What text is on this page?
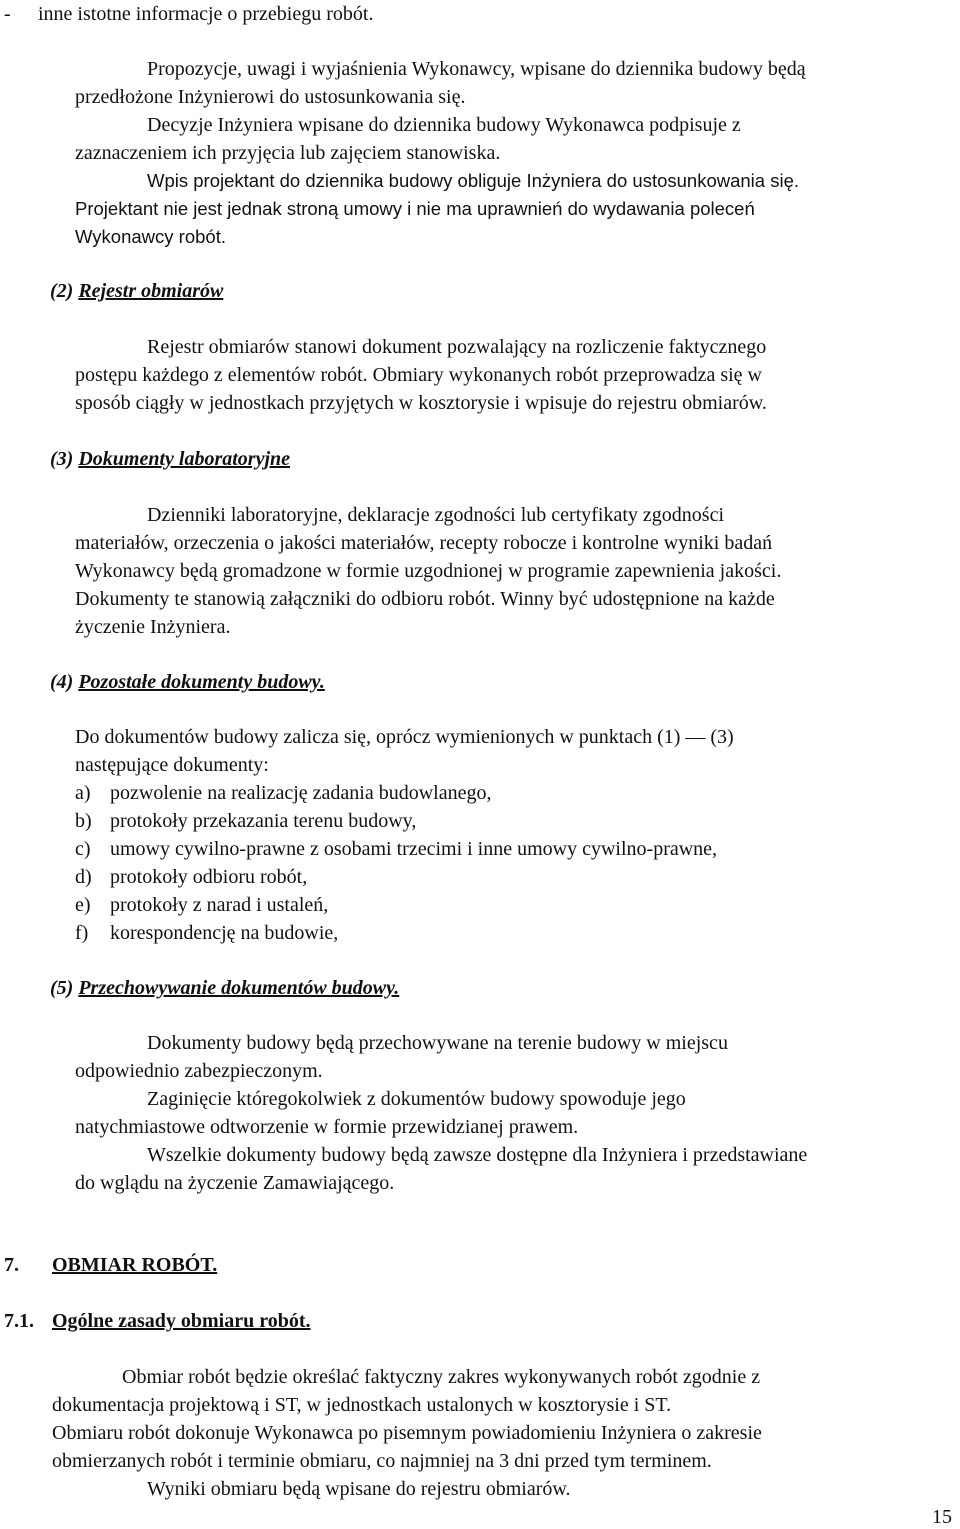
- inne istotne informacje o przebiegu robót.
Propozycje, uwagi i wyjaśnienia Wykonawcy, wpisane do dziennika budowy będą
przedłożone Inżynierowi do ustosunkowania się.
Decyzje Inżyniera wpisane do dziennika budowy Wykonawca podpisuje z
zaznaczeniem ich przyjęcia lub zajęciem stanowiska.
Wpis projektant do dziennika budowy obliguje Inżyniera do ustosunkowania się.
Projektant nie jest jednak stroną umowy i nie ma uprawnień do wydawania poleceń
Wykonawcy robót.
(2) Rejestr obmiarów
Rejestr obmiarów stanowi dokument pozwalający na rozliczenie faktycznego
postępu każdego z elementów robót. Obmiary wykonanych robót przeprowadza się w
sposób ciągły w jednostkach przyjętych w kosztorysie i wpisuje do rejestru obmiarów.
(3) Dokumenty laboratoryjne
Dzienniki laboratoryjne, deklaracje zgodności lub certyfikaty zgodności
materiałów, orzeczenia o jakości materiałów, recepty robocze i kontrolne wyniki badań
Wykonawcy będą gromadzone w formie uzgodnionej w programie zapewnienia jakości.
Dokumenty te stanowią załączniki do odbioru robót. Winny być udostępnione na każde
życzenie Inżyniera.
(4) Pozostałe dokumenty budowy.
Do dokumentów budowy zalicza się, oprócz wymienionych w punktach (1) — (3)
następujące dokumenty:
a) pozwolenie na realizację zadania budowlanego,
b) protokoły przekazania terenu budowy,
c) umowy cywilno-prawne z osobami trzecimi i inne umowy cywilno-prawne,
d) protokoły odbioru robót,
e) protokoły z narad i ustaleń,
f) korespondencję na budowie,
(5) Przechowywanie dokumentów budowy.
Dokumenty budowy będą przechowywane na terenie budowy w miejscu
odpowiednio zabezpieczonym.
Zaginięcie któregokolwiek z dokumentów budowy spowoduje jego
natychmiastowe odtworzenie w formie przewidzianej prawem.
Wszelkie dokumenty budowy będą zawsze dostępne dla Inżyniera i przedstawiane
do wglądu na życzenie Zamawiającego.
7. OBMIAR ROBÓT.
7.1. Ogólne zasady obmiaru robót.
Obmiar robót będzie określać faktyczny zakres wykonywanych robót zgodnie z
dokumentacja projektową i ST, w jednostkach ustalonych w kosztorysie i ST.
Obmiaru robót dokonuje Wykonawca po pisemnym powiadomieniu Inżyniera o zakresie
obmierzanych robót i terminie obmiaru, co najmniej na 3 dni przed tym terminem.
Wyniki obmiaru będą wpisane do rejestru obmiarów.
15
